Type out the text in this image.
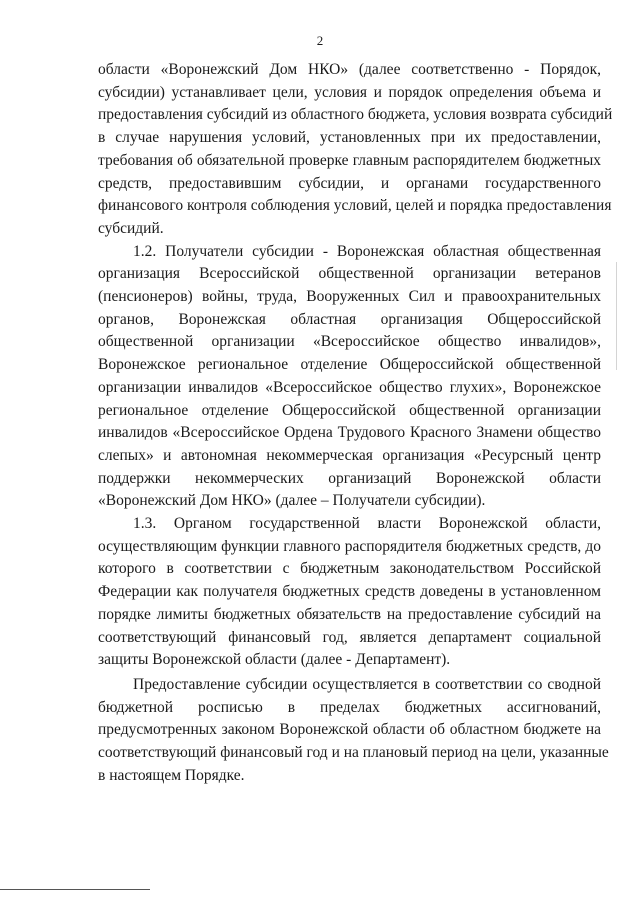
2

области «Воронежский Дом НКО» (далее соответственно - Порядок,
субсидии) устанавливает цели, условия и порядок определения объема и
предоставления субсидий из областного бюджета, условия возврата субсидий
в случае нарушения условий, установленных при их предоставлении,
требования об обязательной проверке главным распорядителем бюджетных
средств, предоставившим субсидии, и органами государственного
финансового контроля соблюдения условий, целей и порядка предоставления
субсидий.

1.2. Получатели субсидии - Воронежская областная общественная
организация Всероссийской общественной организации ветеранов
(пенсионеров) войны, труда, Вооруженных Сил и правоохранительных
органов, Воронежская областная организация Общероссийской
общественной организации «Всероссийское общество инвалидов»,
Воронежское региональное отделение Общероссийской общественной
организации инвалидов «Всероссийское общество глухих», Воронежское
региональное отделение Общероссийской общественной организации
инвалидов «Всероссийское Ордена Трудового Красного Знамени общество
слепых» и автономная некоммерческая организация «Ресурсный центр
поддержки некоммерческих организаций Воронежской области
«Воронежский Дом НКО» (далее – Получатели субсидии).

1.3. Органом государственной власти Воронежской области,
осуществляющим функции главного распорядителя бюджетных средств, до
которого в соответствии с бюджетным законодательством Российской
Федерации как получателя бюджетных средств доведены в установленном
порядке лимиты бюджетных обязательств на предоставление субсидий на
соответствующий финансовый год, является департамент социальной
защиты Воронежской области (далее - Департамент).

Предоставление субсидии осуществляется в соответствии со сводной
бюджетной росписью в пределах бюджетных ассигнований,
предусмотренных законом Воронежской области об областном бюджете на
соответствующий финансовый год и на плановый период на цели, указанные
в настоящем Порядке.
